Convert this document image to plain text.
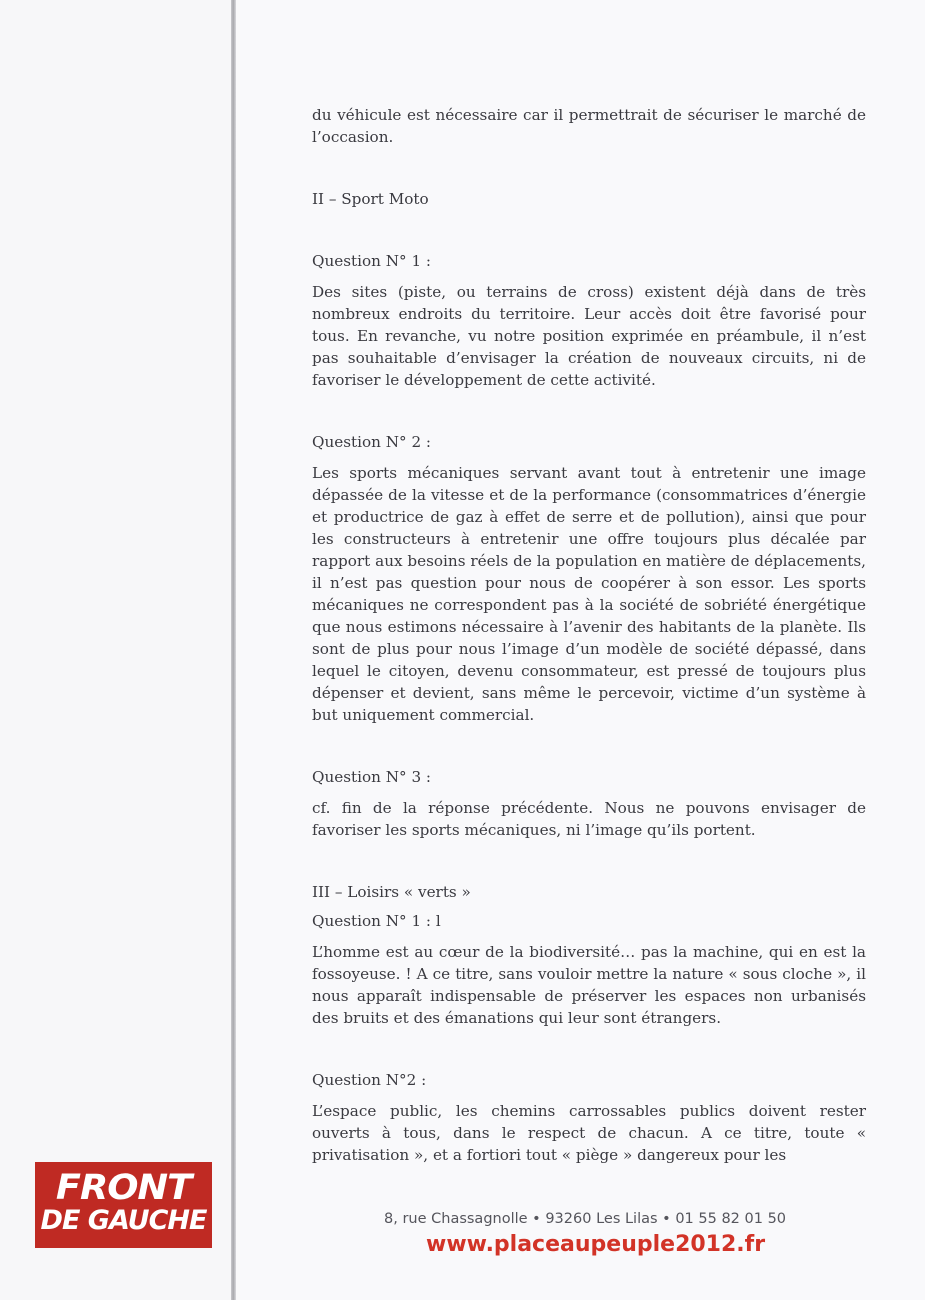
du véhicule est nécessaire car il permettrait de sécuriser le marché de l’occasion.

II – Sport Moto

Question N° 1 :

Des sites (piste, ou terrains de cross) existent déjà dans de très nombreux endroits du territoire. Leur accès doit être favorisé pour tous. En revanche, vu notre position exprimée en préambule, il n’est pas souhaitable d’envisager la création de nouveaux circuits, ni de favoriser le développement de cette activité.

Question N° 2 :

Les sports mécaniques servant avant tout à entretenir une image dépassée de la vitesse et de la performance (consommatrices d’énergie et productrice de gaz à effet de serre et de pollution), ainsi que pour les constructeurs à entretenir une offre toujours plus décalée par rapport aux besoins réels de la population en matière de déplacements, il n’est pas question pour nous de coopérer à son essor. Les sports mécaniques ne correspondent pas à la société de sobriété énergétique que nous estimons nécessaire à l’avenir des habitants de la planète. Ils sont de plus pour nous l’image d’un modèle de société dépassé, dans lequel le citoyen, devenu consommateur, est pressé de toujours plus dépenser et devient, sans même le percevoir, victime d’un système à but uniquement commercial.

Question N° 3 :

cf. fin de la réponse précédente. Nous ne pouvons envisager de favoriser les sports mécaniques, ni l’image qu’ils portent.

III – Loisirs « verts »

Question N° 1 : l

L’homme est au cœur de la biodiversité… pas la machine, qui en est la fossoyeuse. ! A ce titre, sans vouloir mettre la nature « sous cloche », il nous apparaît indispensable de préserver les espaces non urbanisés des bruits et des émanations qui leur sont étrangers.

Question N°2 :

L’espace public, les chemins carrossables publics doivent rester ouverts à tous, dans le respect de chacun. A ce titre, toute « privatisation », et a fortiori tout « piège » dangereux pour les

FRONT
DE GAUCHE	8, rue Chassagnolle • 93260 Les Lilas • 01 55 82 01 50
www.placeaupeuple2012.fr
